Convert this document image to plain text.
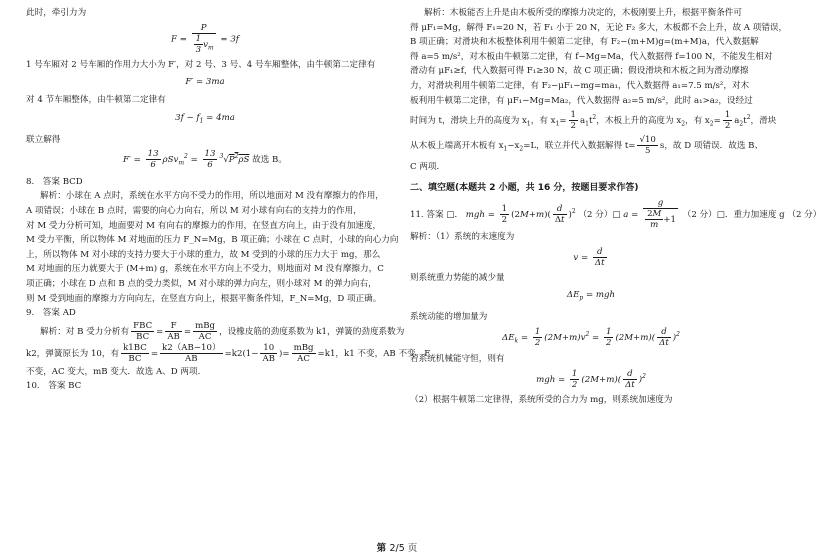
此时，牵引力为

$F = \frac{P}{\frac{1}{3} v_m} = 3f$

1 号车厢对 2 号车厢的作用力大小为 F′，对 2 号、3 号、4 号车厢整体，由牛顿第二定律有

F′ = 3ma

对 4 节车厢整体，由牛顿第二定律有

$3f - f_1 = 4ma$

联立解得

$F' = \frac{13}{6} \rho Sv_m^2 = \frac{13}{6} ^3√P^2\rho S$ 故选 B。

8.　答案 BCD

解析：小球在 A 点时，系统在水平方向不受力的作用，所以地面对 M 没有摩擦力的作用，

A 项错误；小球在 B 点时，需要的向心力向右，所以 M 对小球有向右的支持力的作用，

对 M 受力分析可知，地面要对 M 有向右的摩擦力的作用，在竖直方向上，由于没有加速度，

M 受力平衡，所以物体 M 对地面的压力 F_N=Mg，B 项正确；小球在 C 点时，小球的向心力向

上，所以物体 M 对小球的支持力要大于小球的重力，故 M 受到的小球的压力大于 mg，那么

M 对地面的压力就要大于 (M+m) g，系统在水平方向上不受力，则地面对 M 没有摩擦力，C

项正确；小球在 D 点和 B 点的受力类似，M 对小球的弹力向左，则小球对 M 的弹力向右，

则 M 受到地面的摩擦力方向向左，在竖直方向上，根据平衡条件知，F_N=Mg，D 项正确。

9.　答案 AD

解析：对 B 受力分析有 $\frac{\text{FBC}}{BC} = \frac{F}{AB} = \frac{\text{mBg}}{AC}$ ，设橡皮筋的劲度系数为 k1，弹簧的劲度系数为

k2，弹簧原长为 10，有 $\frac{k1BC}{BC} = \frac{k2(AB-10)}{AB} =k2(1- \frac{10}{AB}$ )= $\frac{\text{mBg}}{AC} =k1$，k1 不变，AB 不变，F

不变，AC 变大，mB 变大．故选 A、D 两项．

10.　答案 BC

解析：木板能否上升是由木板所受的摩擦力决定的，木板刚要上升，根据平衡条件可

得 μF₁=Mg，解得 F₁=20 N，若 F₁ 小于 20 N，无论 F₂ 多大，木板都不会上升，故 A 项错误，

B 项正确；对滑块和木板整体利用牛顿第二定律，有 F₂−(m+M)g=(m+M)a，代入数据解

得 a=5 m/s²，对木板由牛顿第二定律，有 f−Mg=Ma，代入数据得 f=100 N，不能发生相对

滑动有 μF₁≥f，代入数据可得 F₁≥30 N，故 C 项正确；假设滑块和木板之间为滑动摩擦

力，对滑块利用牛顿第二定律，有 F₂−μF₁−mg=ma₁，代入数据得 a₁=7.5 m/s²，对木

板利用牛顿第二定律，有 μF₁−Mg=Ma₂，代入数据得 a₂=5 m/s²，此时 a₁>a₂，设经过

时间为 t，滑块上升的高度为 $x_1$，有 $x_1= \frac{1}{2} a_1t^2$，木板上升的高度为 $x_2$，有 $x_2= \frac{1}{2} a_2t^2$，滑块

从木板上端离开木板有 $x_1-x_2=L$，联立并代入数据解得 $t= \frac{√10}{5}$ s，故 D 项错误．故选 B、

C 两项．

二、填空题(本题共 2 小题，共 16 分，按题目要求作答)

11. 答案 □． mgh = $\frac{1}{2} (2M+m)( \frac{d}{\Delta t} )^2$ （2 分）□ $a = \frac{g}{\frac{2M}{m} +1} (2$ 分）□．重力加速度 g （2 分）

解析：（1）系统的末速度为

$v = \frac{d}{\Delta t}$

则系统重力势能的减少量

$\Delta E_p$ = mgh

系统动能的增加量为

$\Delta E_k = \frac{1}{2} (2M+m)v^2 = \frac{1}{2} (2M+m)( \frac{d}{\Delta t} )^2$

若系统机械能守恒，则有

mgh = $\frac{1}{2} (2M+m)( \frac{d}{\Delta t} )^2$

（2）根据牛顿第二定律得，系统所受的合力为 mg，则系统加速度为

第 2/5 页
